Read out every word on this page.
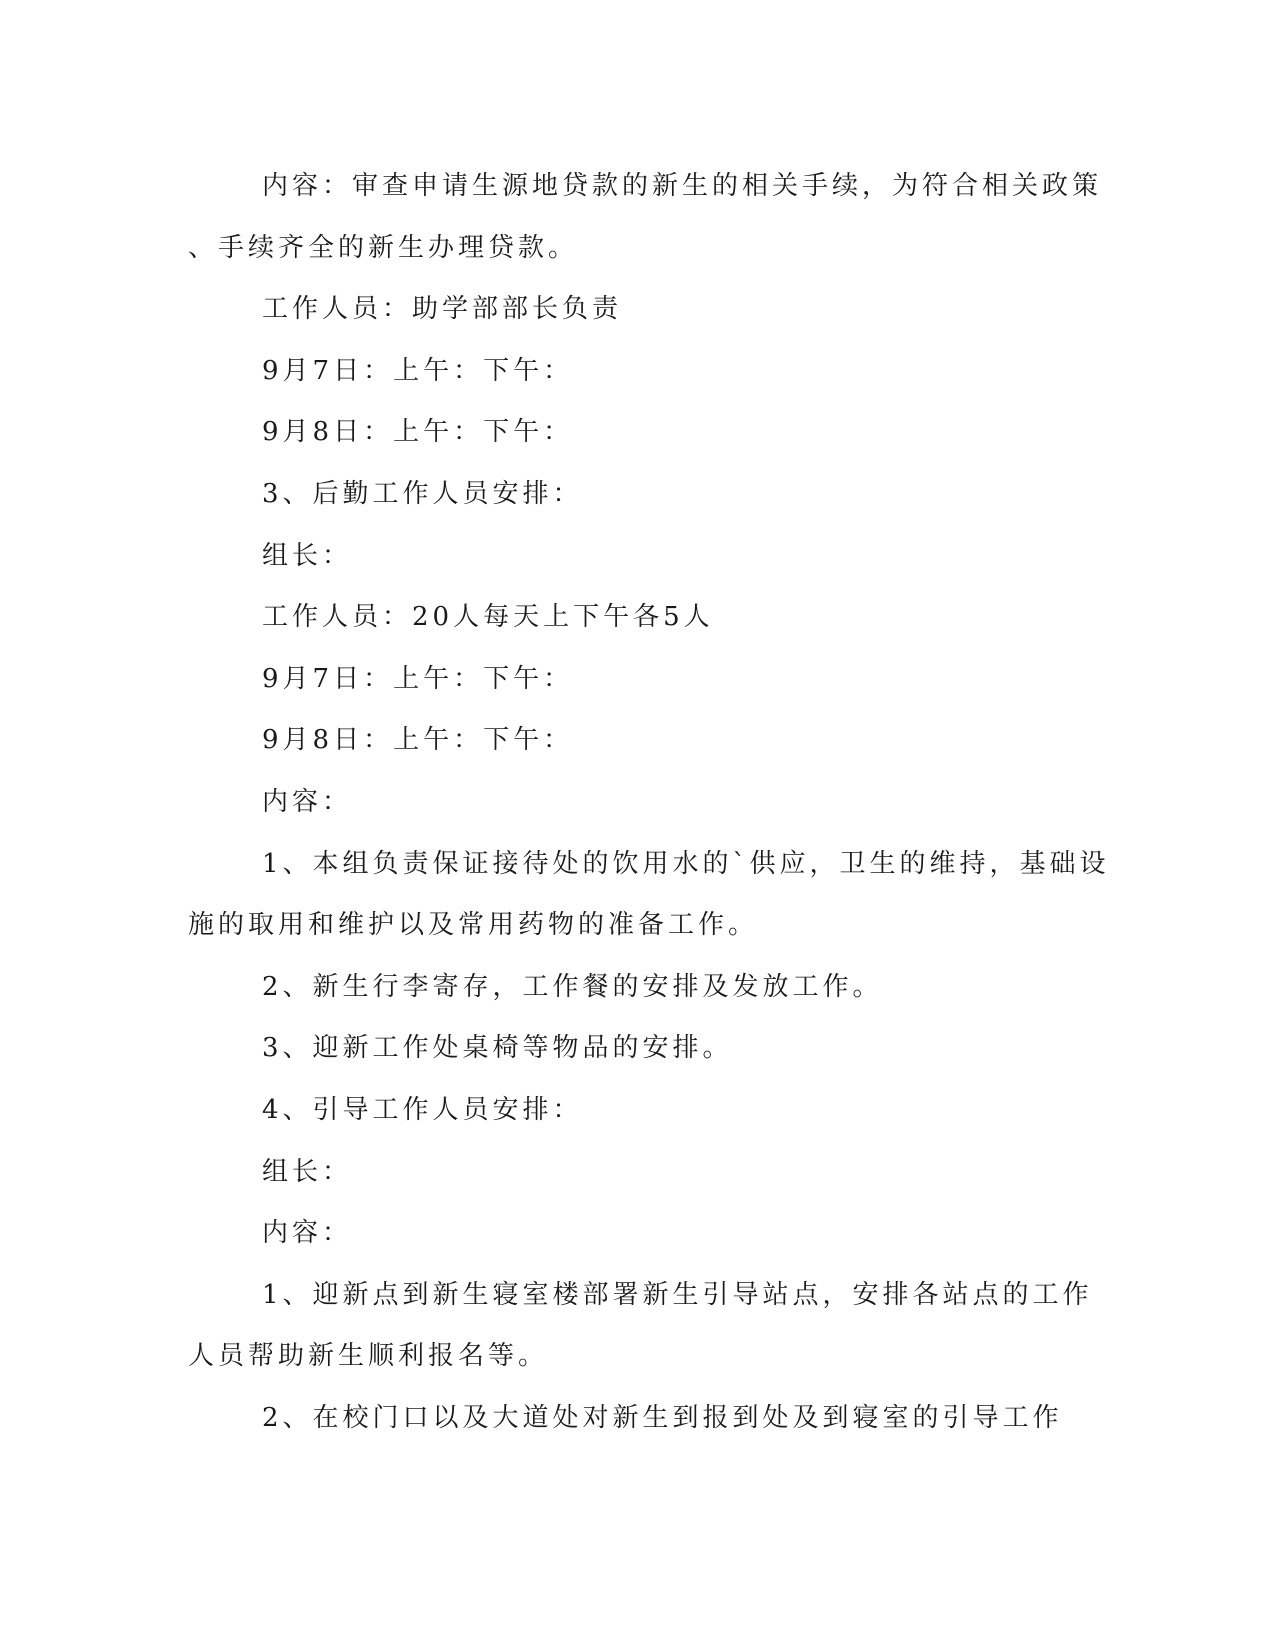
内容：审查申请生源地贷款的新生的相关手续，为符合相关政策

、手续齐全的新生办理贷款。

工作人员：助学部部长负责

9月7日：上午：下午：

9月8日：上午：下午：

3、后勤工作人员安排：

组长：

工作人员：20人每天上下午各5人

9月7日：上午：下午：

9月8日：上午：下午：

内容：

1、本组负责保证接待处的饮用水的`供应，卫生的维持，基础设

施的取用和维护以及常用药物的准备工作。

2、新生行李寄存，工作餐的安排及发放工作。

3、迎新工作处桌椅等物品的安排。

4、引导工作人员安排：

组长：

内容：

1、迎新点到新生寝室楼部署新生引导站点，安排各站点的工作

人员帮助新生顺利报名等。

2、在校门口以及大道处对新生到报到处及到寝室的引导工作
